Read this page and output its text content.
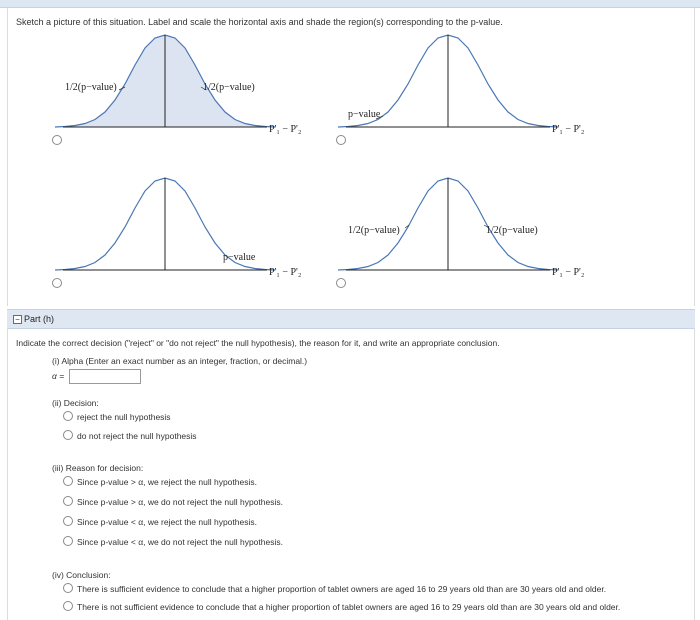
Sketch a picture of this situation. Label and scale the horizontal axis and shade the region(s) corresponding to the p-value.
1/2(p−value)	1/2(p−value)
P'₁ − P'₂
p−value
P'₁ − P'₂
p−value
P'₁ − P'₂
1/2(p−value)	1/2(p−value)
P'₁ − P'₂
− Part (h)
Indicate the correct decision ("reject" or "do not reject" the null hypothesis), the reason for it, and write an appropriate conclusion.
(i) Alpha (Enter an exact number as an integer, fraction, or decimal.)
α =
(ii) Decision:
reject the null hypothesis
do not reject the null hypothesis
(iii) Reason for decision:
Since p-value > α, we reject the null hypothesis.
Since p-value > α, we do not reject the null hypothesis.
Since p-value < α, we reject the null hypothesis.
Since p-value < α, we do not reject the null hypothesis.
(iv) Conclusion:
There is sufficient evidence to conclude that a higher proportion of tablet owners are aged 16 to 29 years old than are 30 years old and older.
There is not sufficient evidence to conclude that a higher proportion of tablet owners are aged 16 to 29 years old than are 30 years old and older.
